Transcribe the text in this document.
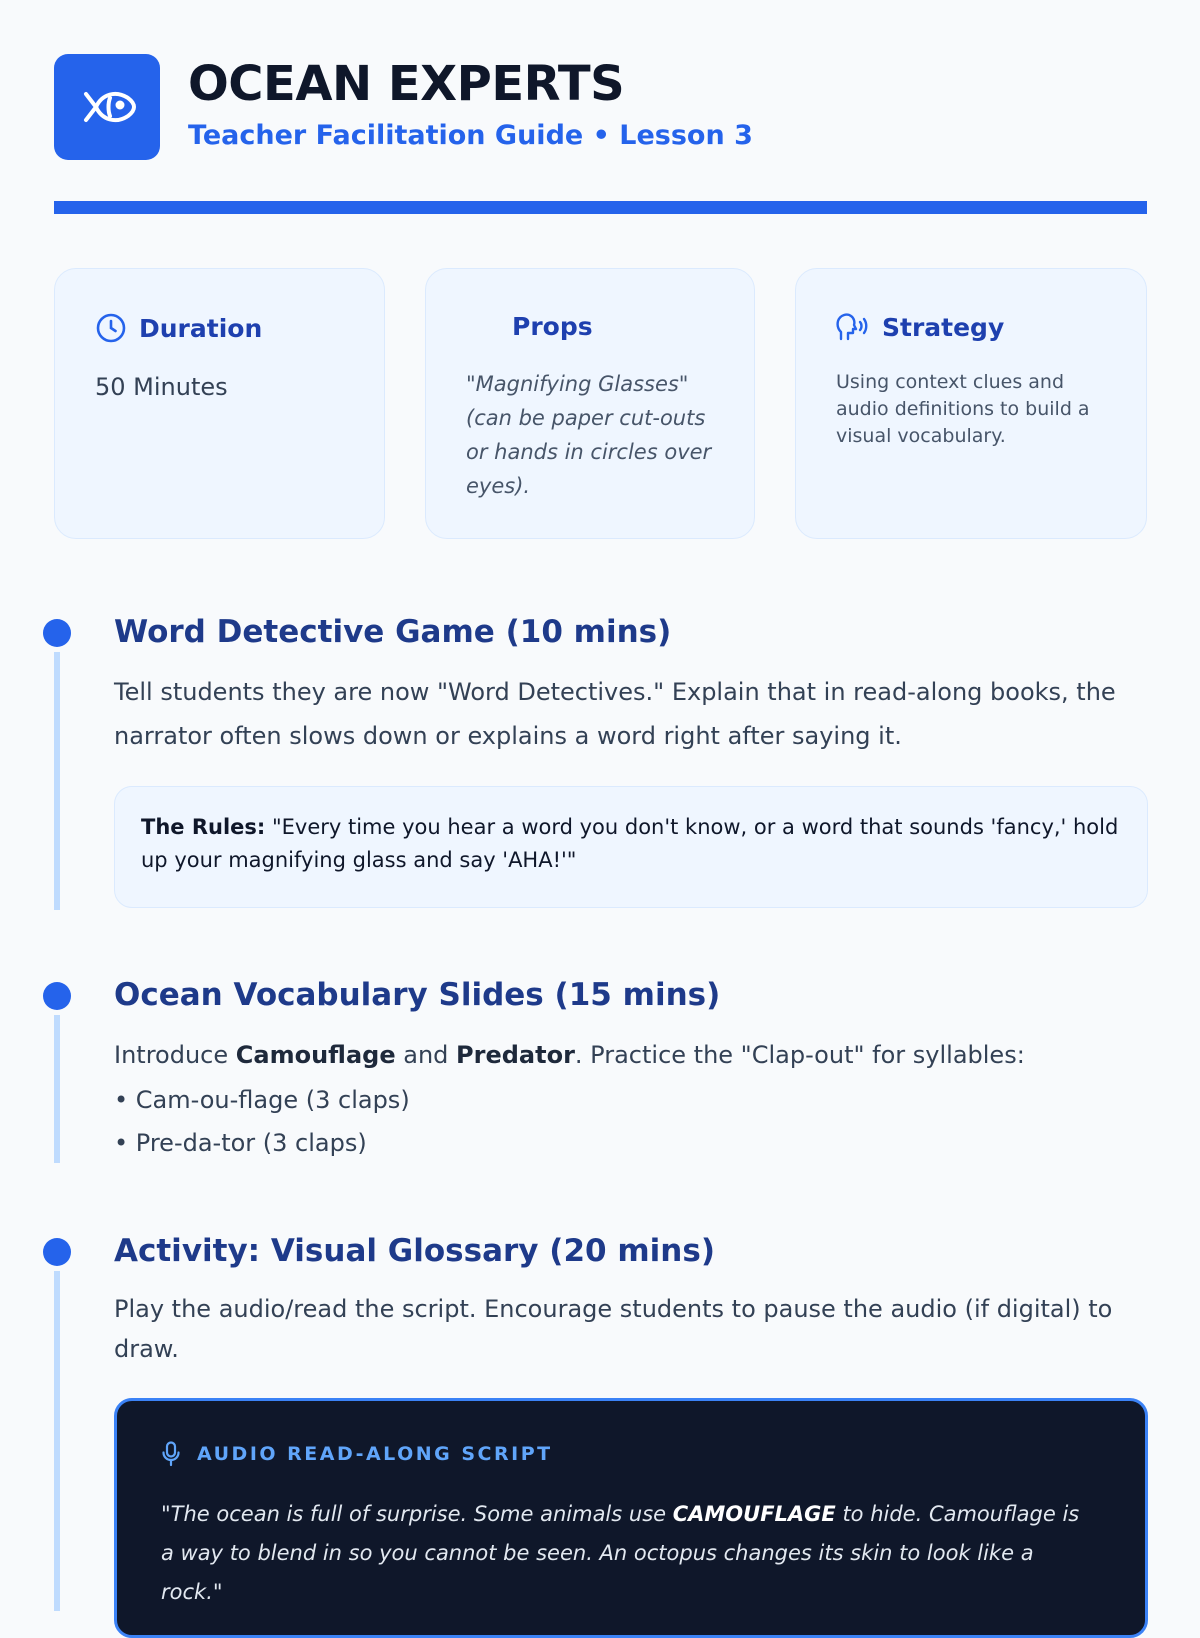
OCEAN EXPERTS
Teacher Facilitation Guide • Lesson 3
Duration
50 Minutes
Props
"Magnifying Glasses" (can be paper cut-outs or hands in circles over eyes).
Strategy
Using context clues and audio definitions to build a visual vocabulary.
Word Detective Game (10 mins)
Tell students they are now "Word Detectives." Explain that in read-along books, the narrator often slows down or explains a word right after saying it.
The Rules: "Every time you hear a word you don't know, or a word that sounds 'fancy,' hold up your magnifying glass and say 'AHA!'"
Ocean Vocabulary Slides (15 mins)
Introduce Camouflage and Predator. Practice the "Clap-out" for syllables:
• Cam-ou-flage (3 claps)
• Pre-da-tor (3 claps)
Activity: Visual Glossary (20 mins)
Play the audio/read the script. Encourage students to pause the audio (if digital) to draw.
AUDIO READ-ALONG SCRIPT
"The ocean is full of surprise. Some animals use CAMOUFLAGE to hide. Camouflage is a way to blend in so you cannot be seen. An octopus changes its skin to look like a rock."
